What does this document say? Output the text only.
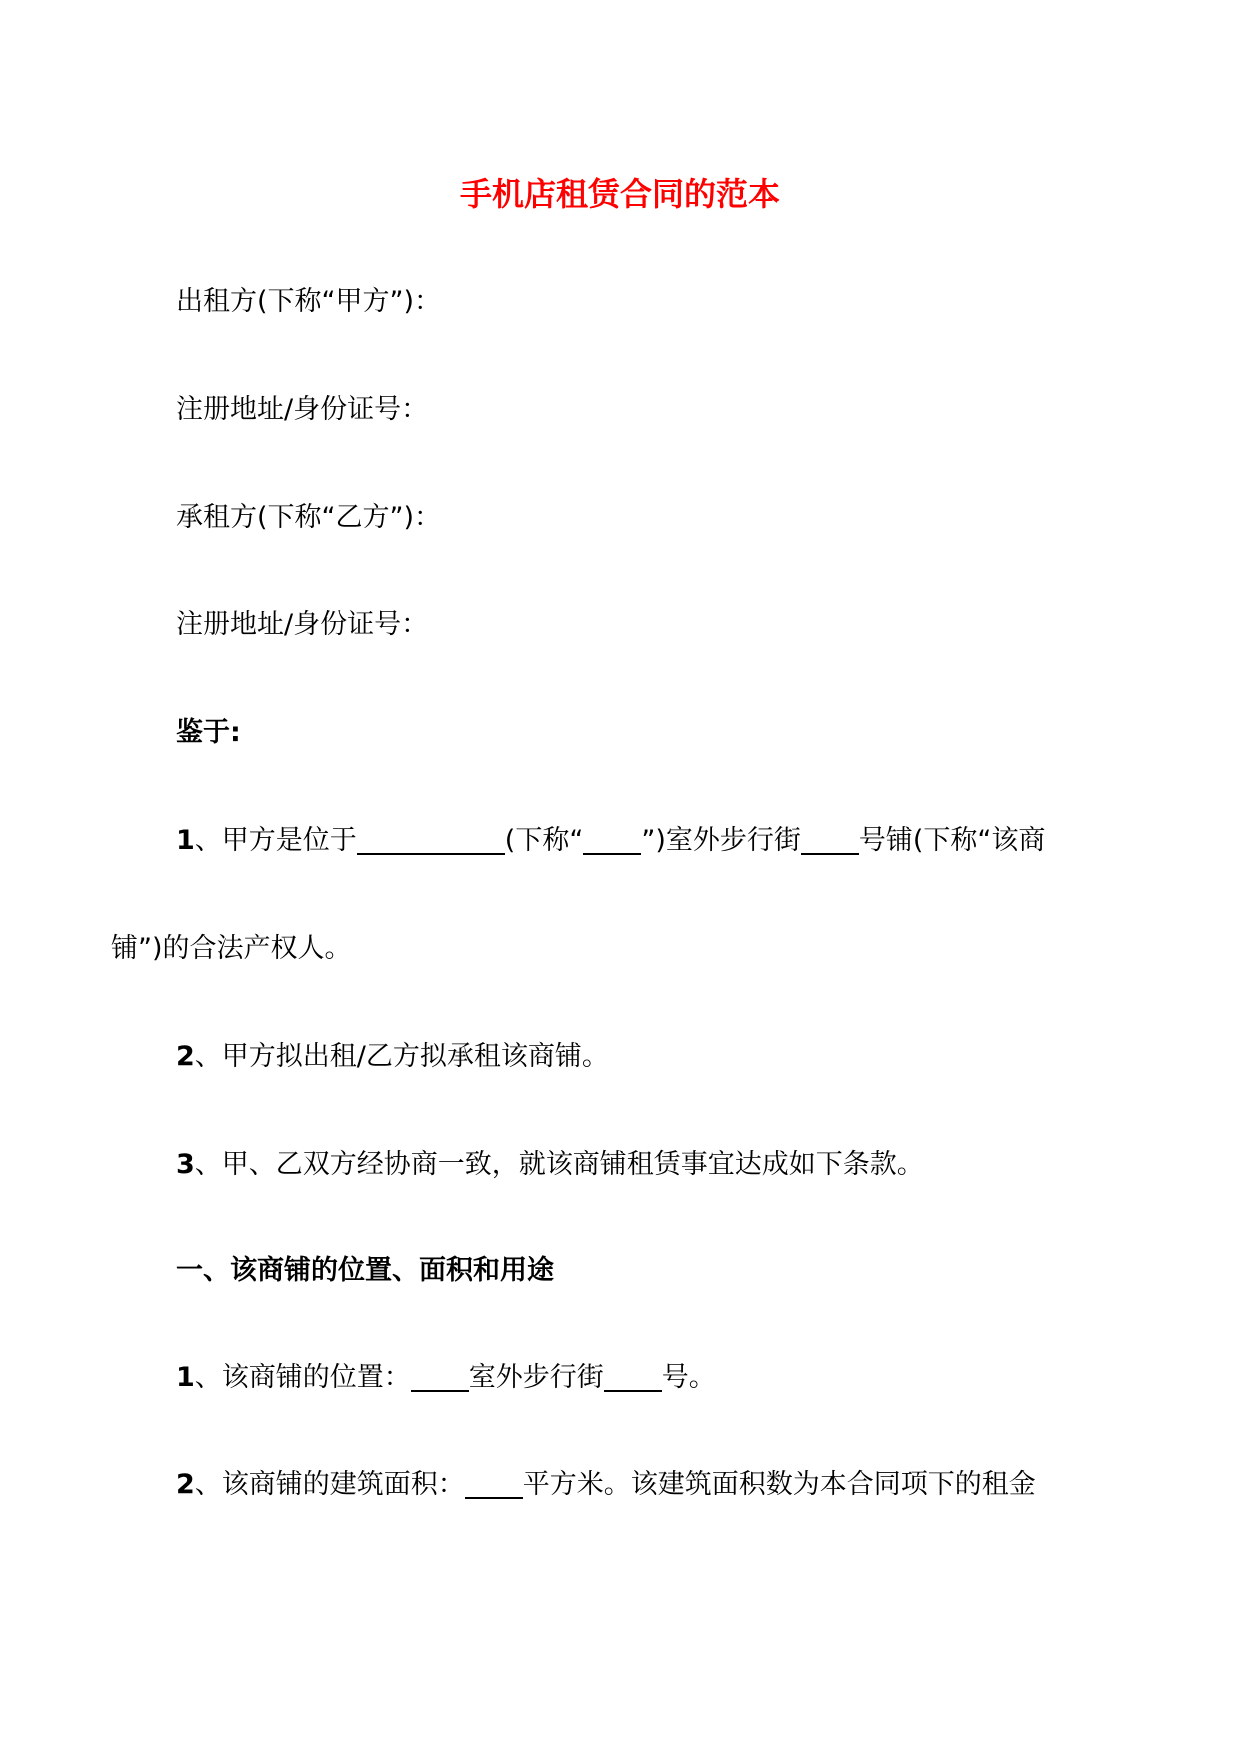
手机店租赁合同的范本

出租方(下称“甲方”)：

注册地址/身份证号：

承租方(下称“乙方”)：

注册地址/身份证号：

鉴于:

1、甲方是位于	(下称“ ”)室外步行街 号铺(下称“该商

铺”)的合法产权人。

2、甲方拟出租/乙方拟承租该商铺。

3、甲、乙双方经协商一致，就该商铺租赁事宜达成如下条款。

一、该商铺的位置、面积和用途

1、该商铺的位置： 室外步行街 号。

2、该商铺的建筑面积： 平方米。该建筑面积数为本合同项下的租金
